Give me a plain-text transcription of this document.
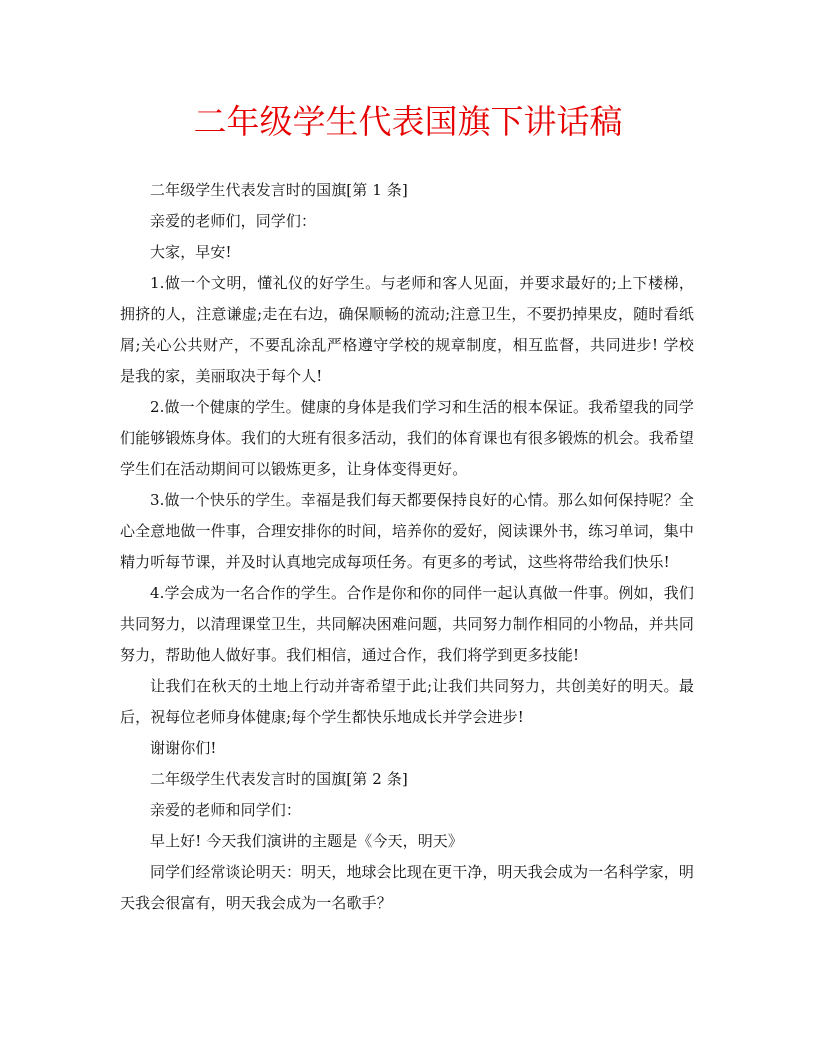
二年级学生代表国旗下讲话稿

二年级学生代表发言时的国旗[第 1 条]

亲爱的老师们，同学们：

大家，早安!

1.做一个文明，懂礼仪的好学生。与老师和客人见面，并要求最好的;上下楼梯，拥挤的人，注意谦虚;走在右边，确保顺畅的流动;注意卫生，不要扔掉果皮，随时看纸屑;关心公共财产，不要乱涂乱严格遵守学校的规章制度，相互监督，共同进步! 学校是我的家，美丽取决于每个人!

2.做一个健康的学生。健康的身体是我们学习和生活的根本保证。我希望我的同学们能够锻炼身体。我们的大班有很多活动，我们的体育课也有很多锻炼的机会。我希望学生们在活动期间可以锻炼更多，让身体变得更好。

3.做一个快乐的学生。幸福是我们每天都要保持良好的心情。那么如何保持呢？全心全意地做一件事，合理安排你的时间，培养你的爱好，阅读课外书，练习单词，集中精力听每节课，并及时认真地完成每项任务。有更多的考试，这些将带给我们快乐!

4.学会成为一名合作的学生。合作是你和你的同伴一起认真做一件事。例如，我们共同努力，以清理课堂卫生，共同解决困难问题，共同努力制作相同的小物品，并共同努力，帮助他人做好事。我们相信，通过合作，我们将学到更多技能!

让我们在秋天的土地上行动并寄希望于此;让我们共同努力，共创美好的明天。最后，祝每位老师身体健康;每个学生都快乐地成长并学会进步!

谢谢你们!

二年级学生代表发言时的国旗[第 2 条]

亲爱的老师和同学们：

早上好! 今天我们演讲的主题是《今天，明天》

同学们经常谈论明天：明天，地球会比现在更干净，明天我会成为一名科学家，明天我会很富有，明天我会成为一名歌手？
